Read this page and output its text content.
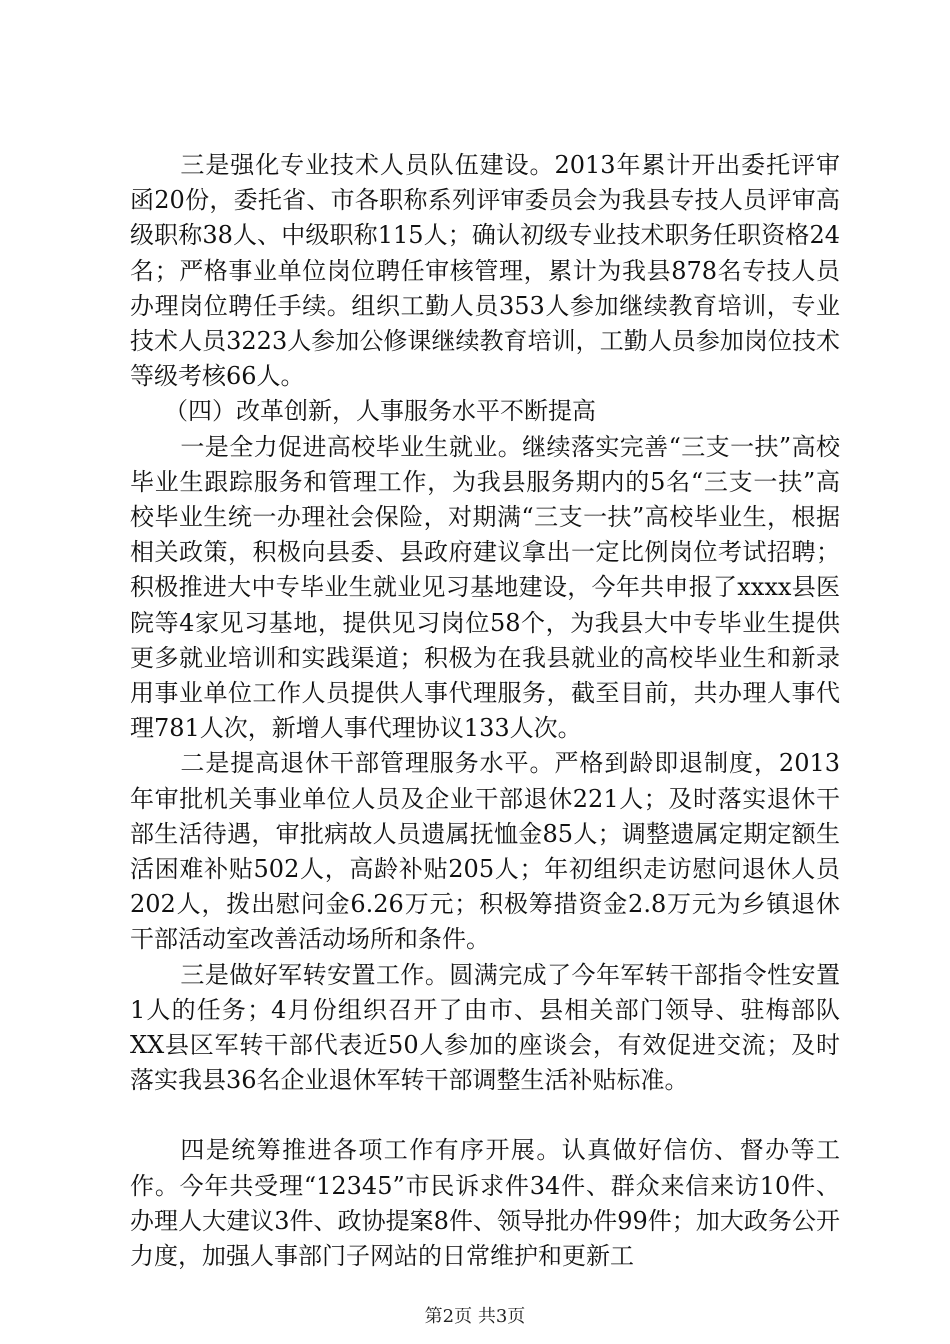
三是强化专业技术人员队伍建设。2013年累计开出委托评审函20份，委托省、市各职称系列评审委员会为我县专技人员评审高级职称38人、中级职称115人；确认初级专业技术职务任职资格24名；严格事业单位岗位聘任审核管理，累计为我县878名专技人员办理岗位聘任手续。组织工勤人员353人参加继续教育培训，专业技术人员3223人参加公修课继续教育培训，工勤人员参加岗位技术等级考核66人。

（四）改革创新，人事服务水平不断提高

一是全力促进高校毕业生就业。继续落实完善“三支一扶”高校毕业生跟踪服务和管理工作，为我县服务期内的5名“三支一扶”高校毕业生统一办理社会保险，对期满“三支一扶”高校毕业生，根据相关政策，积极向县委、县政府建议拿出一定比例岗位考试招聘；积极推进大中专毕业生就业见习基地建设，今年共申报了xxxx县医院等4家见习基地，提供见习岗位58个，为我县大中专毕业生提供更多就业培训和实践渠道；积极为在我县就业的高校毕业生和新录用事业单位工作人员提供人事代理服务，截至目前，共办理人事代理781人次，新增人事代理协议133人次。

二是提高退休干部管理服务水平。严格到龄即退制度，2013年审批机关事业单位人员及企业干部退休221人；及时落实退休干部生活待遇，审批病故人员遗属抚恤金85人；调整遗属定期定额生活困难补贴502人，高龄补贴205人；年初组织走访慰问退休人员202人，拨出慰问金6.26万元；积极筹措资金2.8万元为乡镇退休干部活动室改善活动场所和条件。

三是做好军转安置工作。圆满完成了今年军转干部指令性安置1人的任务；4月份组织召开了由市、县相关部门领导、驻梅部队XX县区军转干部代表近50人参加的座谈会，有效促进交流；及时落实我县36名企业退休军转干部调整生活补贴标准。

四是统筹推进各项工作有序开展。认真做好信仿、督办等工作。今年共受理“12345”市民诉求件34件、群众来信来访10件、办理人大建议3件、政协提案8件、领导批办件99件；加大政务公开力度，加强人事部门子网站的日常维护和更新工

第2页 共3页
